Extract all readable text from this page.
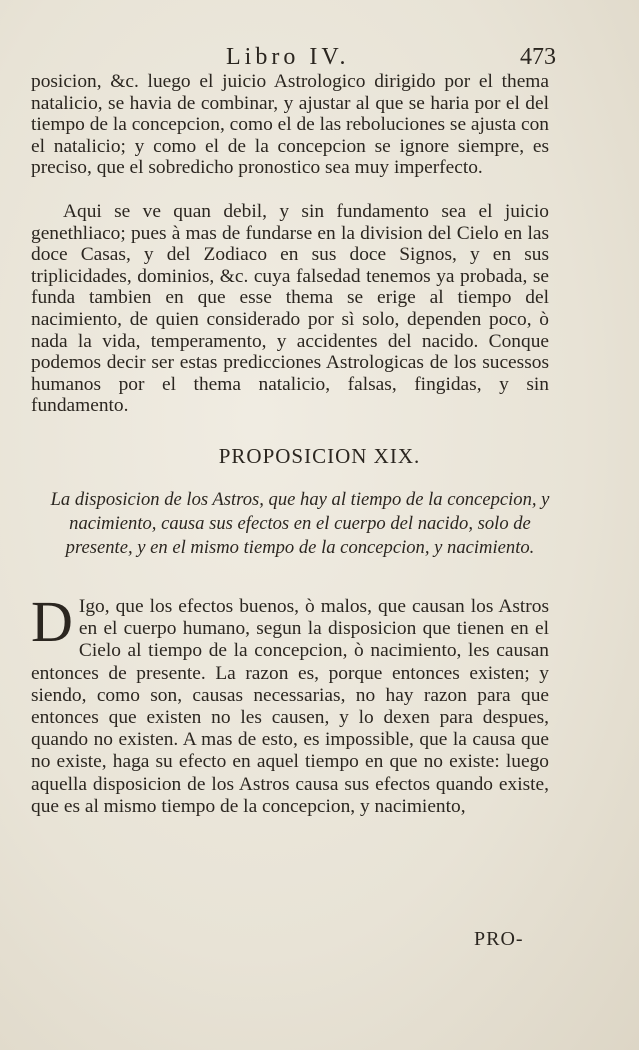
Libro IV.	473
posicion, &c. luego el juicio Astrologico dirigido por el thema natalicio, se havia de combinar, y ajustar al que se haria por el del tiempo de la concepcion, como el de las reboluciones se ajusta con el natalicio; y como el de la concepcion se ignore siempre, es preciso, que el sobredicho pronostico sea muy imperfecto.
Aqui se ve quan debil, y sin fundamento sea el juicio genethliaco; pues à mas de fundarse en la division del Cielo en las doce Casas, y del Zodiaco en sus doce Signos, y en sus triplicidades, dominios, &c. cuya falsedad tenemos ya probada, se funda tambien en que esse thema se erige al tiempo del nacimiento, de quien considerado por sì solo, dependen poco, ò nada la vida, temperamento, y accidentes del nacido. Conque podemos decir ser estas predicciones Astrologicas de los sucessos humanos por el thema natalicio, falsas, fingidas, y sin fundamento.
PROPOSICION XIX.
La disposicion de los Astros, que hay al tiempo de la concepcion, y nacimiento, causa sus efectos en el cuerpo del nacido, solo de presente, y en el mismo tiempo de la concepcion, y nacimiento.
D Igo, que los efectos buenos, ò malos, que causan los Astros en el cuerpo humano, segun la disposicion que tienen en el Cielo al tiempo de la concepcion, ò nacimiento, les causan entonces de presente. La razon es, porque entonces existen; y siendo, como son, causas necessarias, no hay razon para que entonces que existen no les causen, y lo dexen para despues, quando no existen. A mas de esto, es impossible, que la causa que no existe, haga su efecto en aquel tiempo en que no existe: luego aquella disposicion de los Astros causa sus efectos quando existe, que es al mismo tiempo de la concepcion, y nacimiento,
PRO-
